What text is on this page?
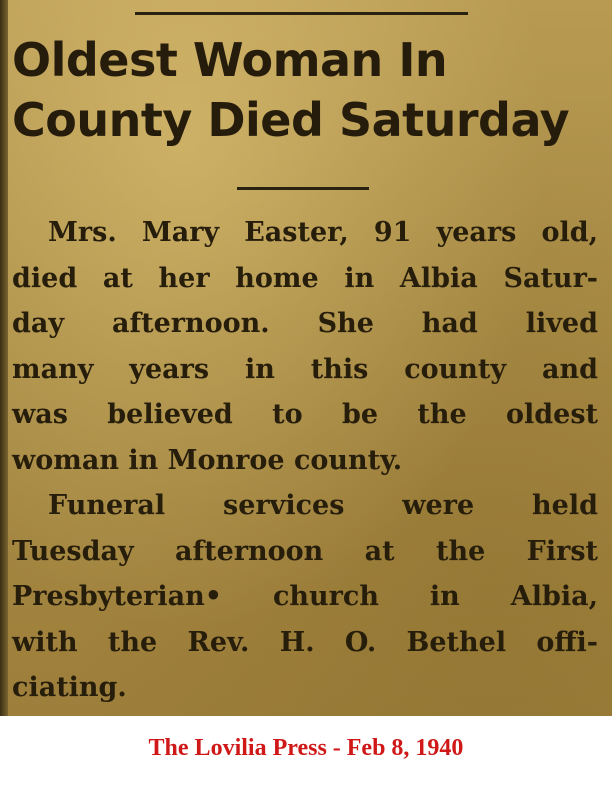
Oldest Woman In
County Died Saturday
Mrs. Mary Easter, 91 years old,
died at her home in Albia Satur-
day afternoon. She had lived
many years in this county and
was believed to be the oldest
woman in Monroe county.
Funeral services were held
Tuesday afternoon at the First
Presbyterian• church in Albia,
with the Rev. H. O. Bethel offi-
ciating.
The Lovilia Press - Feb 8, 1940
